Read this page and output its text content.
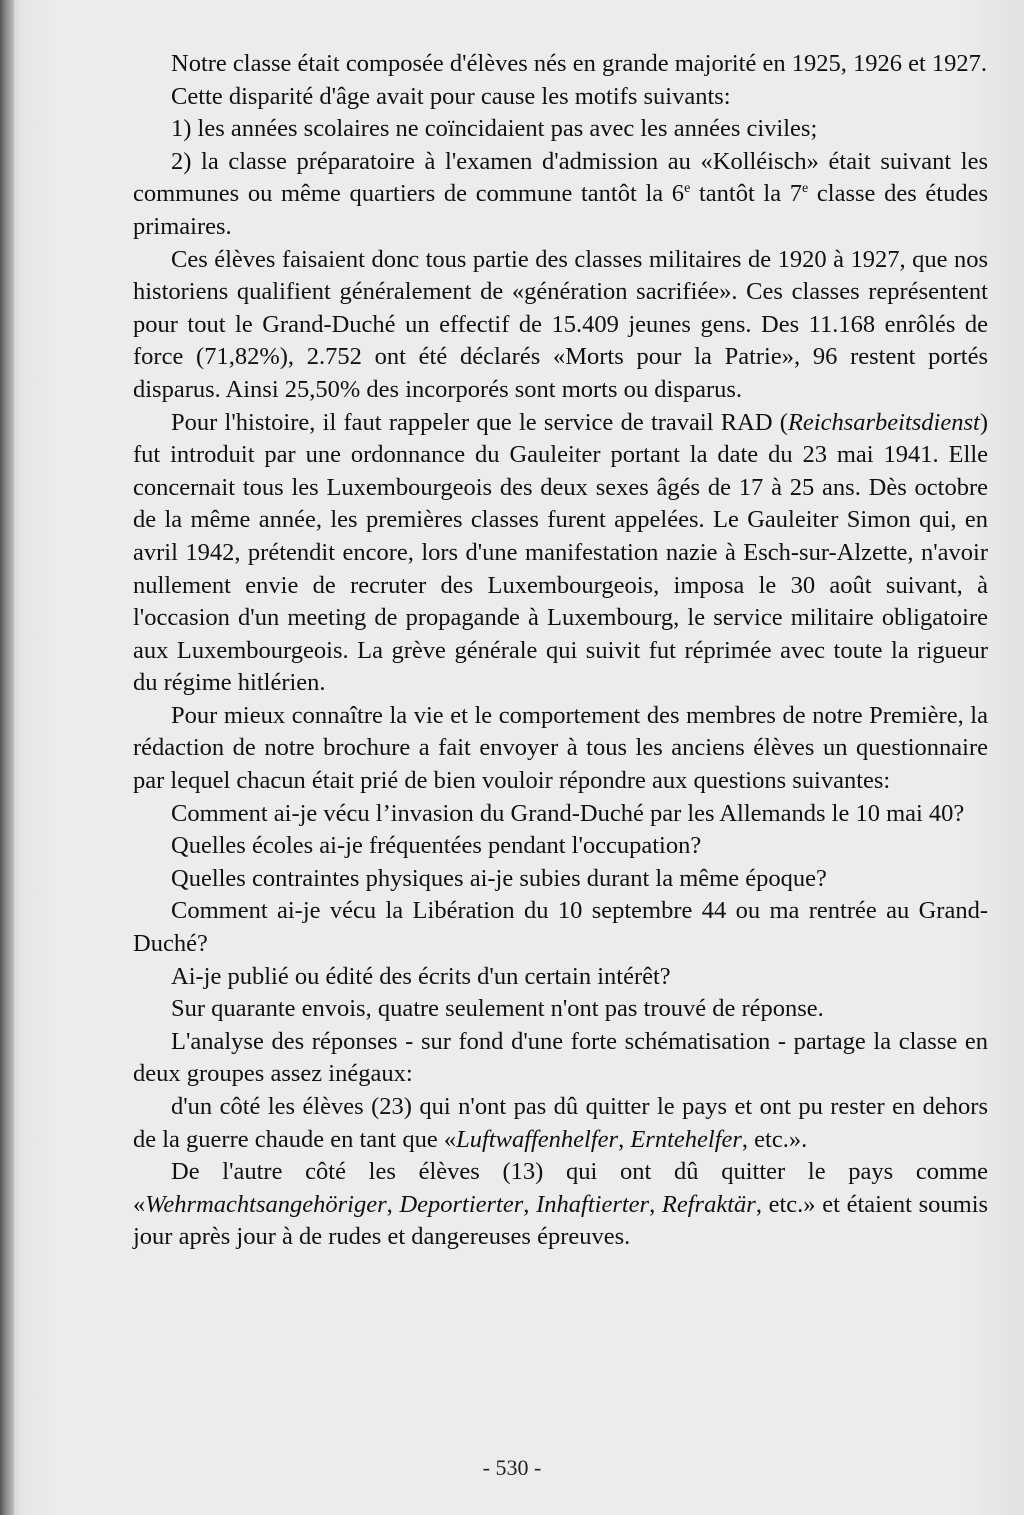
Notre classe était composée d'élèves nés en grande majorité en 1925, 1926 et 1927.

Cette disparité d'âge avait pour cause les motifs suivants:

1) les années scolaires ne coïncidaient pas avec les années civiles;

2) la classe préparatoire à l'examen d'admission au «Kolléisch» était suivant les communes ou même quartiers de commune tantôt la 6e tantôt la 7e classe des études primaires.

Ces élèves faisaient donc tous partie des classes militaires de 1920 à 1927, que nos historiens qualifient généralement de «génération sacrifiée». Ces classes représentent pour tout le Grand-Duché un effectif de 15.409 jeunes gens. Des 11.168 enrôlés de force (71,82%), 2.752 ont été déclarés «Morts pour la Patrie», 96 restent portés disparus. Ainsi 25,50% des incorporés sont morts ou disparus.

Pour l'histoire, il faut rappeler que le service de travail RAD (Reichsarbeitsdienst) fut introduit par une ordonnance du Gauleiter portant la date du 23 mai 1941. Elle concernait tous les Luxembourgeois des deux sexes âgés de 17 à 25 ans. Dès octobre de la même année, les premières classes furent appelées. Le Gauleiter Simon qui, en avril 1942, prétendit encore, lors d'une manifestation nazie à Esch-sur-Alzette, n'avoir nullement envie de recruter des Luxembourgeois, imposa le 30 août suivant, à l'occasion d'un meeting de propagande à Luxembourg, le service militaire obligatoire aux Luxembourgeois. La grève générale qui suivit fut réprimée avec toute la rigueur du régime hitlérien.

Pour mieux connaître la vie et le comportement des membres de notre Première, la rédaction de notre brochure a fait envoyer à tous les anciens élèves un questionnaire par lequel chacun était prié de bien vouloir répondre aux questions suivantes:

Comment ai-je vécu l’invasion du Grand-Duché par les Allemands le 10 mai 40?

Quelles écoles ai-je fréquentées pendant l'occupation?

Quelles contraintes physiques ai-je subies durant la même époque?

Comment ai-je vécu la Libération du 10 septembre 44 ou ma rentrée au Grand-Duché?

Ai-je publié ou édité des écrits d'un certain intérêt?

Sur quarante envois, quatre seulement n'ont pas trouvé de réponse.

L'analyse des réponses - sur fond d'une forte schématisation - partage la classe en deux groupes assez inégaux:

d'un côté les élèves (23) qui n'ont pas dû quitter le pays et ont pu rester en dehors de la guerre chaude en tant que «Luftwaffenhelfer, Erntehelfer, etc.».

De l'autre côté les élèves (13) qui ont dû quitter le pays comme «Wehrmachtsangehöriger, Deportierter, Inhaftierter, Refraktär, etc.» et étaient soumis jour après jour à de rudes et dangereuses épreuves.

- 530 -
